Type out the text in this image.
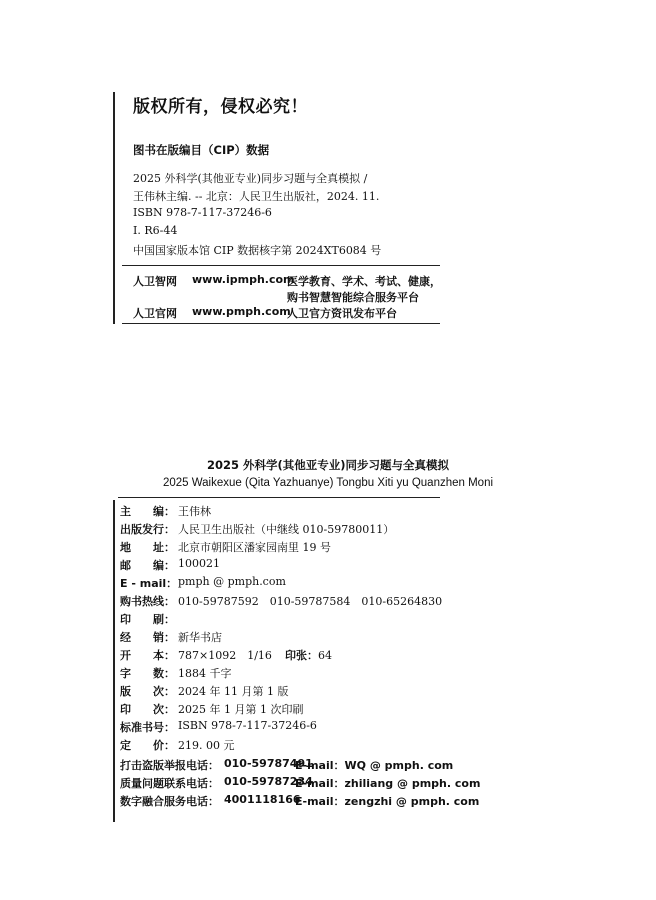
版权所有，侵权必究！
图书在版编目（CIP）数据
2025 外科学(其他亚专业)同步习题与全真模拟 /
王伟林主编. -- 北京：人民卫生出版社，2024. 11.
ISBN 978-7-117-37246-6
Ⅰ. R6-44
中国国家版本馆 CIP 数据核字第 2024XT6084 号
人卫智网 www.ipmph.com
医学教育、学术、考试、健康，
购书智慧智能综合服务平台
人卫官网 www.pmph.com
人卫官方资讯发布平台
2025 外科学(其他亚专业)同步习题与全真模拟
2025 Waikexue (Qita Yazhuanye) Tongbu Xiti yu Quanzhen Moni
主　　编： 王伟林
出版发行： 人民卫生出版社（中继线 010-59780011）
地　　址： 北京市朝阳区潘家园南里 19 号
邮　　编： 100021
E - mail： pmph @ pmph.com
购书热线： 010-59787592　010-59787584　010-65264830
印　　刷：
经　　销： 新华书店
开　　本： 787×1092　1/16 印张：64
字　　数： 1884 千字
版　　次： 2024 年 11 月第 1 版
印　　次： 2025 年 1 月第 1 次印刷
标准书号： ISBN 978-7-117-37246-6
定　　价： 219. 00 元
打击盗版举报电话： 010-59787491
E-mail：WQ @ pmph. com
质量问题联系电话： 010-59787234
E-mail：zhiliang @ pmph. com
数字融合服务电话： 4001118166
E-mail：zengzhi @ pmph. com
